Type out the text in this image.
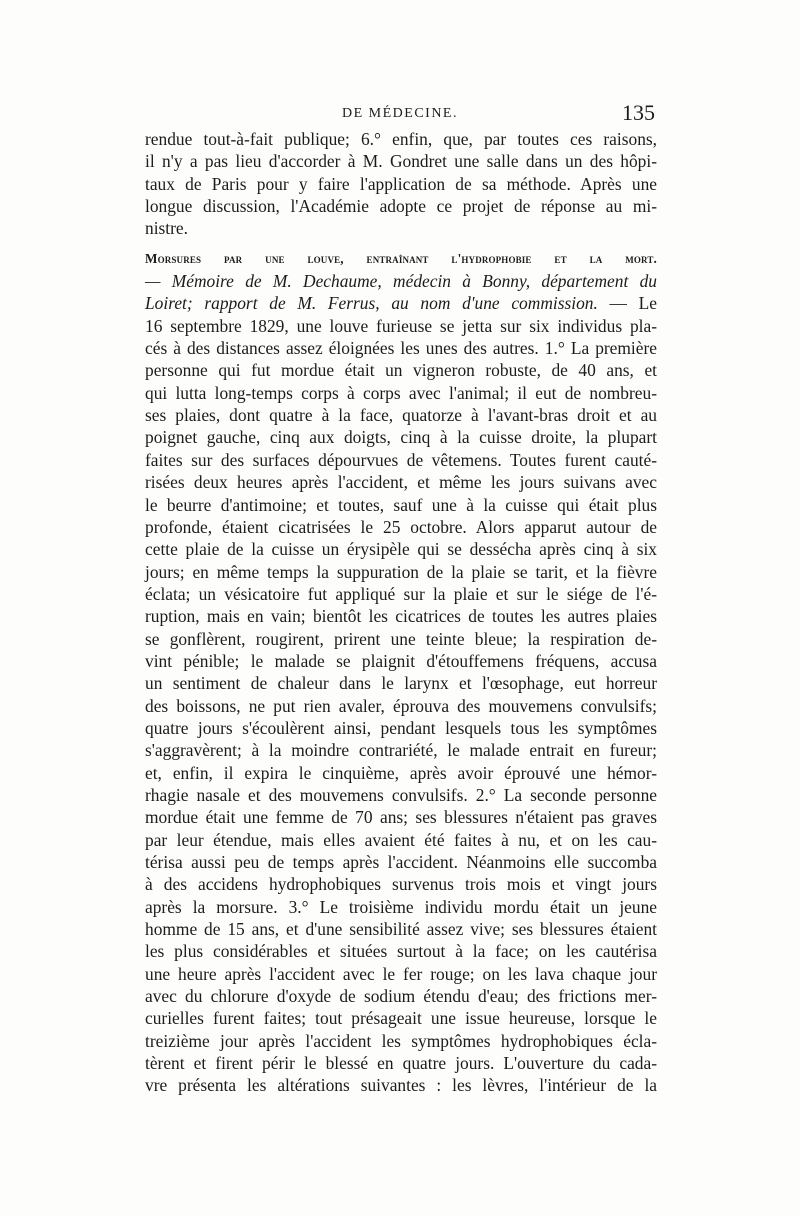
DE MÉDECINE.	135
rendue tout-à-fait publique; 6.° enfin, que, par toutes ces raisons,
il n'y a pas lieu d'accorder à M. Gondret une salle dans un des hôpi-
taux de Paris pour y faire l'application de sa méthode. Après une
longue discussion, l'Académie adopte ce projet de réponse au mi-
nistre.
Morsures par une louve, entraînant l'hydrophobie et la mort.
— Mémoire de M. Dechaume, médecin à Bonny, département du
Loiret; rapport de M. Ferrus, au nom d'une commission. — Le
16 septembre 1829, une louve furieuse se jetta sur six individus pla-
cés à des distances assez éloignées les unes des autres. 1.° La première
personne qui fut mordue était un vigneron robuste, de 40 ans, et
qui lutta long-temps corps à corps avec l'animal; il eut de nombreu-
ses plaies, dont quatre à la face, quatorze à l'avant-bras droit et au
poignet gauche, cinq aux doigts, cinq à la cuisse droite, la plupart
faites sur des surfaces dépourvues de vêtemens. Toutes furent cauté-
risées deux heures après l'accident, et même les jours suivans avec
le beurre d'antimoine; et toutes, sauf une à la cuisse qui était plus
profonde, étaient cicatrisées le 25 octobre. Alors apparut autour de
cette plaie de la cuisse un érysipèle qui se dessécha après cinq à six
jours; en même temps la suppuration de la plaie se tarit, et la fièvre
éclata; un vésicatoire fut appliqué sur la plaie et sur le siége de l'é-
ruption, mais en vain; bientôt les cicatrices de toutes les autres plaies
se gonflèrent, rougirent, prirent une teinte bleue; la respiration de-
vint pénible; le malade se plaignit d'étouffemens fréquens, accusa
un sentiment de chaleur dans le larynx et l'œsophage, eut horreur
des boissons, ne put rien avaler, éprouva des mouvemens convulsifs;
quatre jours s'écoulèrent ainsi, pendant lesquels tous les symptômes
s'aggravèrent; à la moindre contrariété, le malade entrait en fureur;
et, enfin, il expira le cinquième, après avoir éprouvé une hémor-
rhagie nasale et des mouvemens convulsifs. 2.° La seconde personne
mordue était une femme de 70 ans; ses blessures n'étaient pas graves
par leur étendue, mais elles avaient été faites à nu, et on les cau-
térisa aussi peu de temps après l'accident. Néanmoins elle succomba
à des accidens hydrophobiques survenus trois mois et vingt jours
après la morsure. 3.° Le troisième individu mordu était un jeune
homme de 15 ans, et d'une sensibilité assez vive; ses blessures étaient
les plus considérables et situées surtout à la face; on les cautérisa
une heure après l'accident avec le fer rouge; on les lava chaque jour
avec du chlorure d'oxyde de sodium étendu d'eau; des frictions mer-
curielles furent faites; tout présageait une issue heureuse, lorsque le
treizième jour après l'accident les symptômes hydrophobiques écla-
tèrent et firent périr le blessé en quatre jours. L'ouverture du cada-
vre présenta les altérations suivantes : les lèvres, l'intérieur de la
